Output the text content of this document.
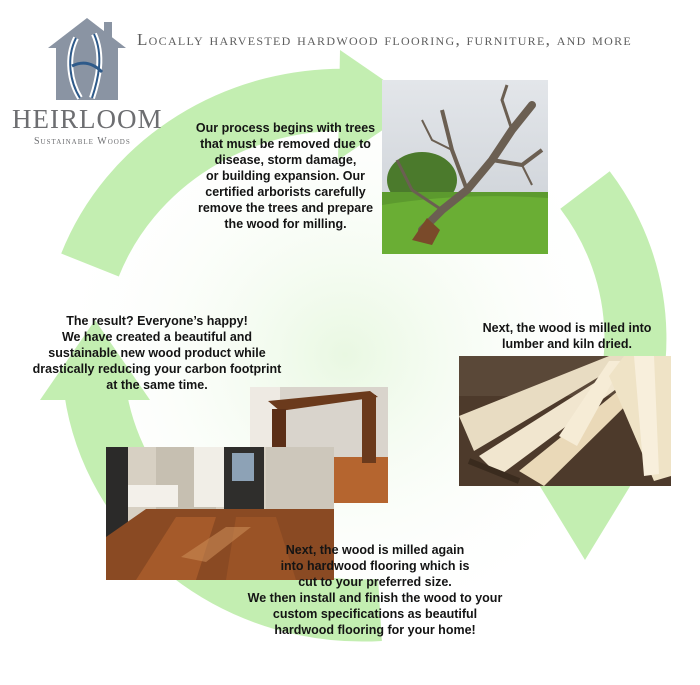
HEIRLOOM
Sustainable Woods
Locally harvested hardwood flooring, furniture, and more
Our process begins with trees
that must be removed due to
disease, storm damage,
or building expansion. Our
certified arborists carefully
remove the trees and prepare
the wood for milling.
Next, the wood is milled into
lumber and kiln dried.
The result? Everyone’s happy!
We have created a beautiful and
sustainable new wood product while
drastically reducing your carbon footprint
at the same time.
Next, the wood is milled again
into hardwood flooring which is
cut to your preferred size.
We then install and finish the wood to your
custom specifications as beautiful
hardwood flooring for your home!
